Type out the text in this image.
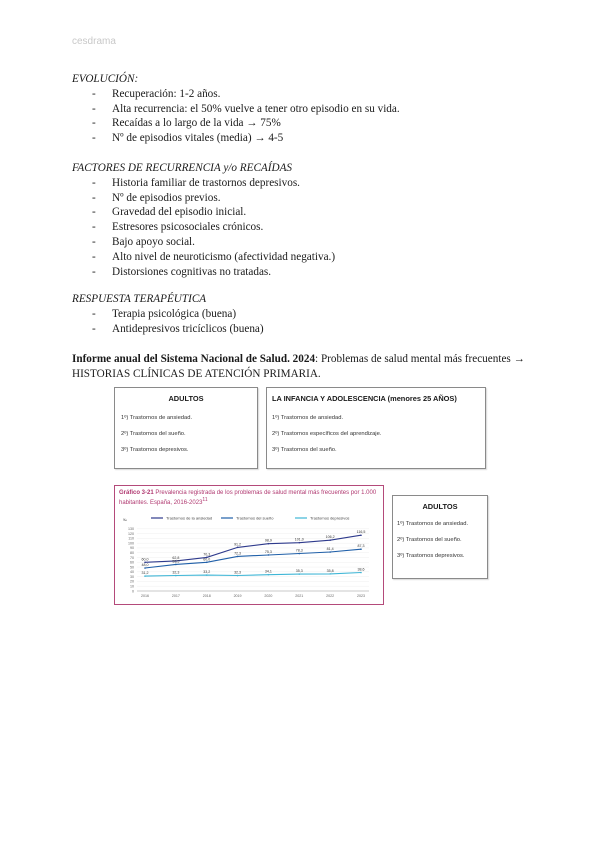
cesdrama
EVOLUCIÓN:
- Recuperación: 1-2 años.
- Alta recurrencia: el 50% vuelve a tener otro episodio en su vida.
- Recaídas a lo largo de la vida → 75%
- Nº de episodios vitales (media) → 4-5
FACTORES DE RECURRENCIA y/o RECAÍDAS
- Historia familiar de trastornos depresivos.
- Nº de episodios previos.
- Gravedad del episodio inicial.
- Estresores psicosociales crónicos.
- Bajo apoyo social.
- Alto nivel de neuroticismo (afectividad negativa.)
- Distorsiones cognitivas no tratadas.
RESPUESTA TERAPÉUTICA
- Terapia psicológica (buena)
- Antidepresivos tricíclicos (buena)
Informe anual del Sistema Nacional de Salud. 2024: Problemas de salud mental más frecuentes → HISTORIAS CLÍNICAS DE ATENCIÓN PRIMARIA.
ADULTOS
1º) Trastornos de ansiedad.
2º) Trastornos del sueño.
3º) Trastornos depresivos.
LA INFANCIA Y ADOLESCENCIA (menores 25 AÑOS)
1º) Trastornos de ansiedad.
2º) Trastornos específicos del aprendizaje.
3º) Trastornos del sueño.
Gráfico 3-21 Prevalencia registrada de los problemas de salud mental más frecuentes por 1.000 habitantes. España, 2016-2023$^{11}$
‰
0
10
20
30
40
50
60
70
80
90
100
110
120
130
2016	2017	2018	2019	2020	2021	2022	2023
Trastornos de la ansiedad	Trastornos del sueño	Trastornos depresivos
60,0	62,8
70,3
91,2
98,9	101,0
106,2
116,5
48,0
55,5
60,0
72,3	75,3	78,3	81,4
87,3
31,2	32,3	33,2	32,3	34,1	35,3	35,8	38,6
ADULTOS
1º) Trastornos de ansiedad.
2º) Trastornos del sueño.
3º) Trastornos depresivos.
